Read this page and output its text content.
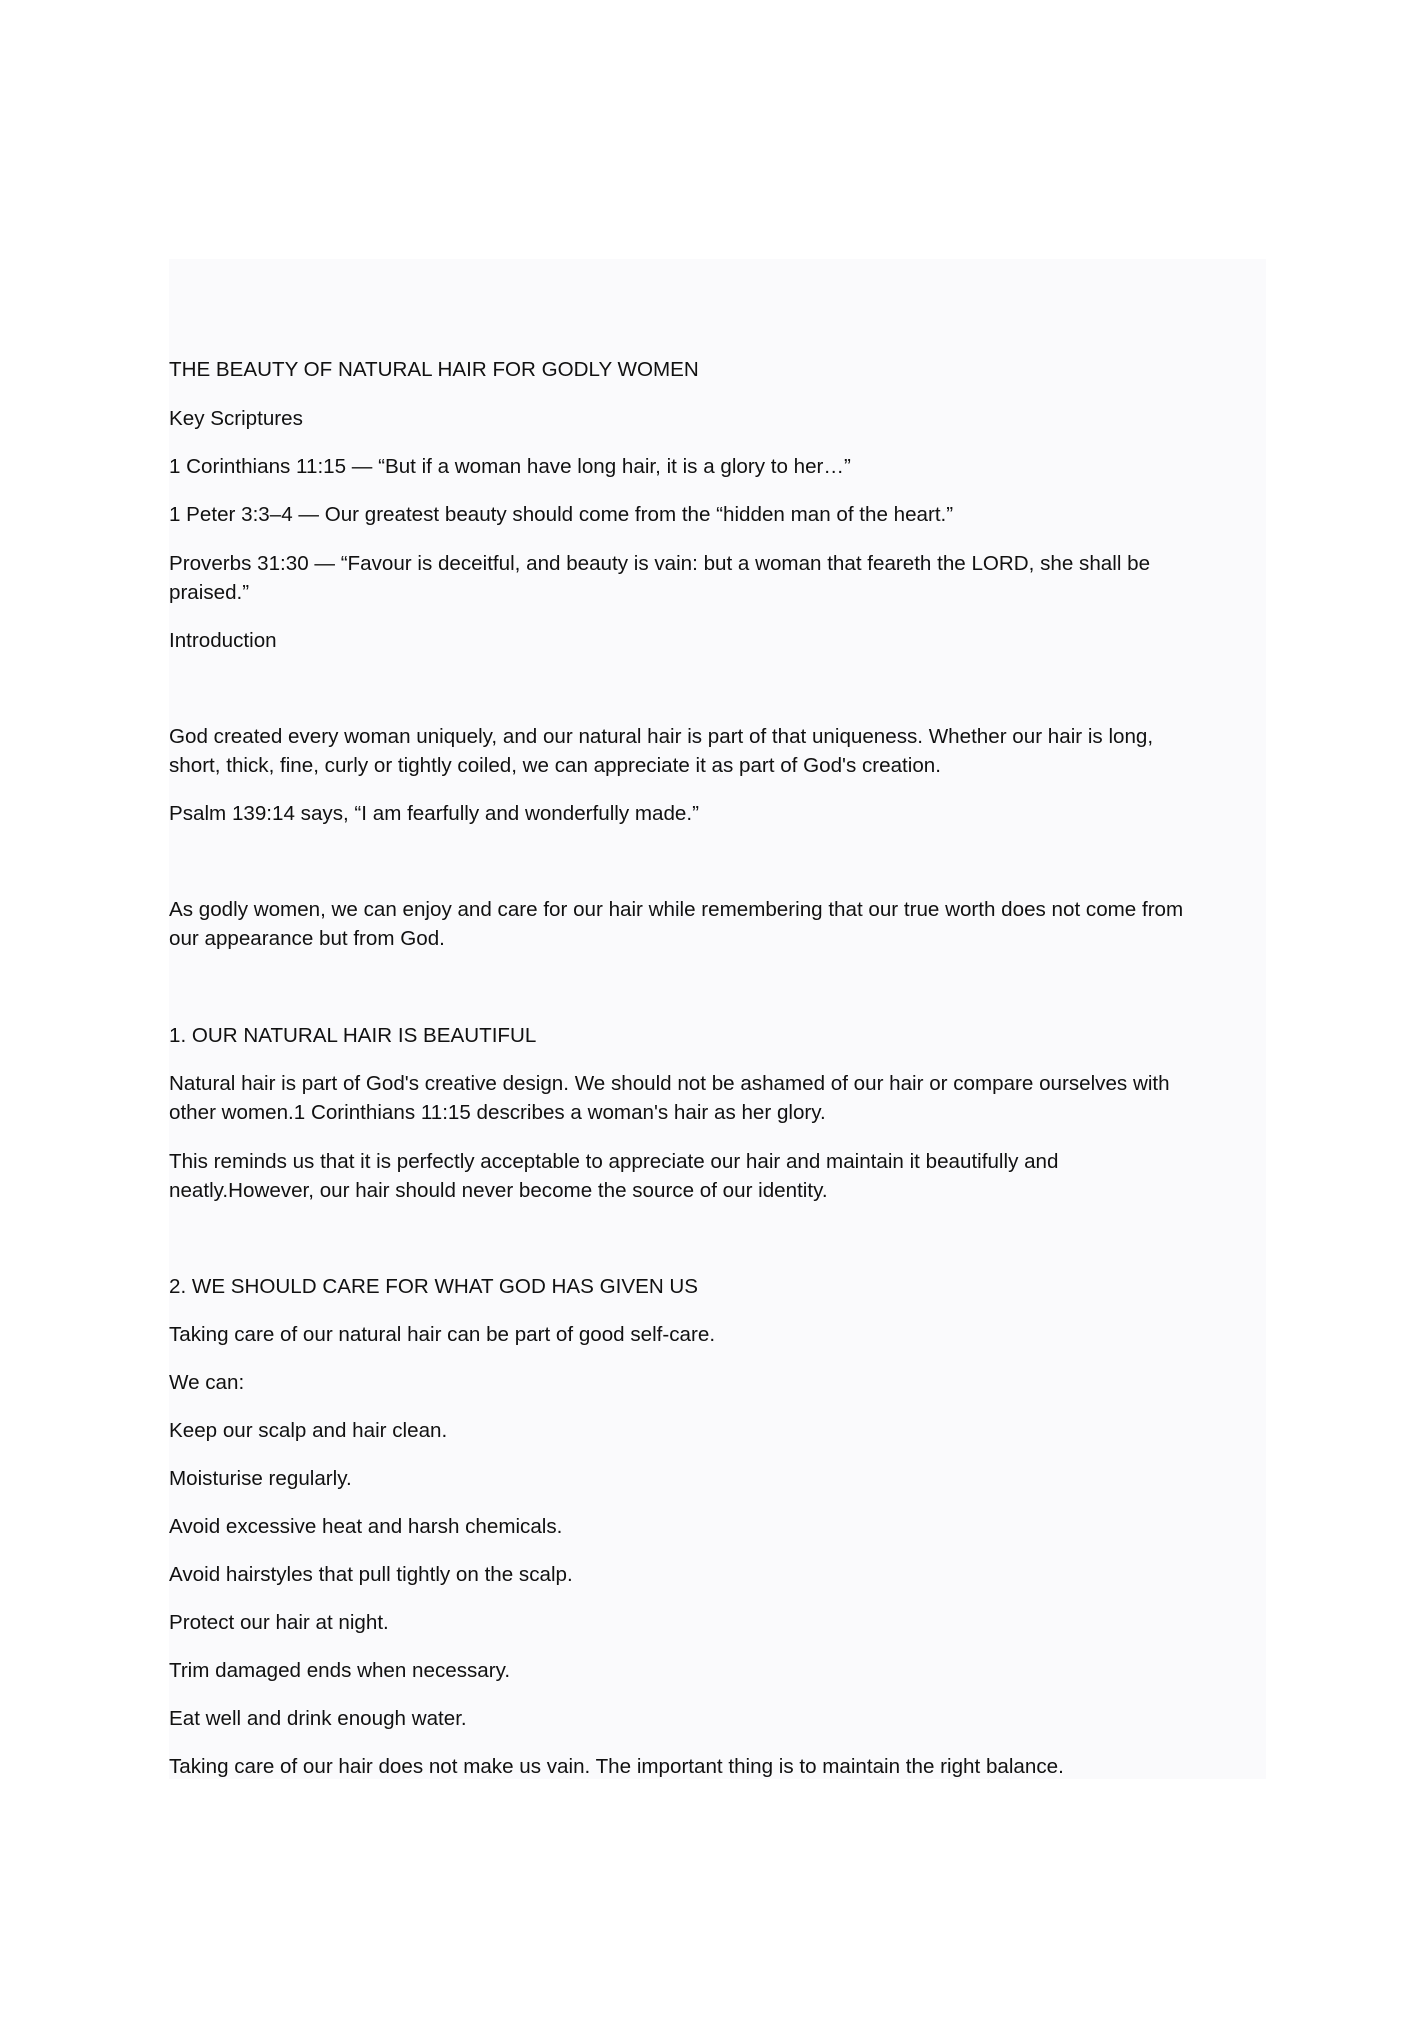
THE BEAUTY OF NATURAL HAIR FOR GODLY WOMEN
Key Scriptures
1 Corinthians 11:15 — “But if a woman have long hair, it is a glory to her…”
1 Peter 3:3–4 — Our greatest beauty should come from the “hidden man of the heart.”
Proverbs 31:30 — “Favour is deceitful, and beauty is vain: but a woman that feareth the LORD, she shall be
praised.”
Introduction
God created every woman uniquely, and our natural hair is part of that uniqueness. Whether our hair is long,
short, thick, fine, curly or tightly coiled, we can appreciate it as part of God's creation.
Psalm 139:14 says, “I am fearfully and wonderfully made.”
As godly women, we can enjoy and care for our hair while remembering that our true worth does not come from
our appearance but from God.
1. OUR NATURAL HAIR IS BEAUTIFUL
Natural hair is part of God's creative design. We should not be ashamed of our hair or compare ourselves with
other women.1 Corinthians 11:15 describes a woman's hair as her glory.
This reminds us that it is perfectly acceptable to appreciate our hair and maintain it beautifully and
neatly.However, our hair should never become the source of our identity.
2. WE SHOULD CARE FOR WHAT GOD HAS GIVEN US
Taking care of our natural hair can be part of good self-care.
We can:
Keep our scalp and hair clean.
Moisturise regularly.
Avoid excessive heat and harsh chemicals.
Avoid hairstyles that pull tightly on the scalp.
Protect our hair at night.
Trim damaged ends when necessary.
Eat well and drink enough water.
Taking care of our hair does not make us vain. The important thing is to maintain the right balance.
